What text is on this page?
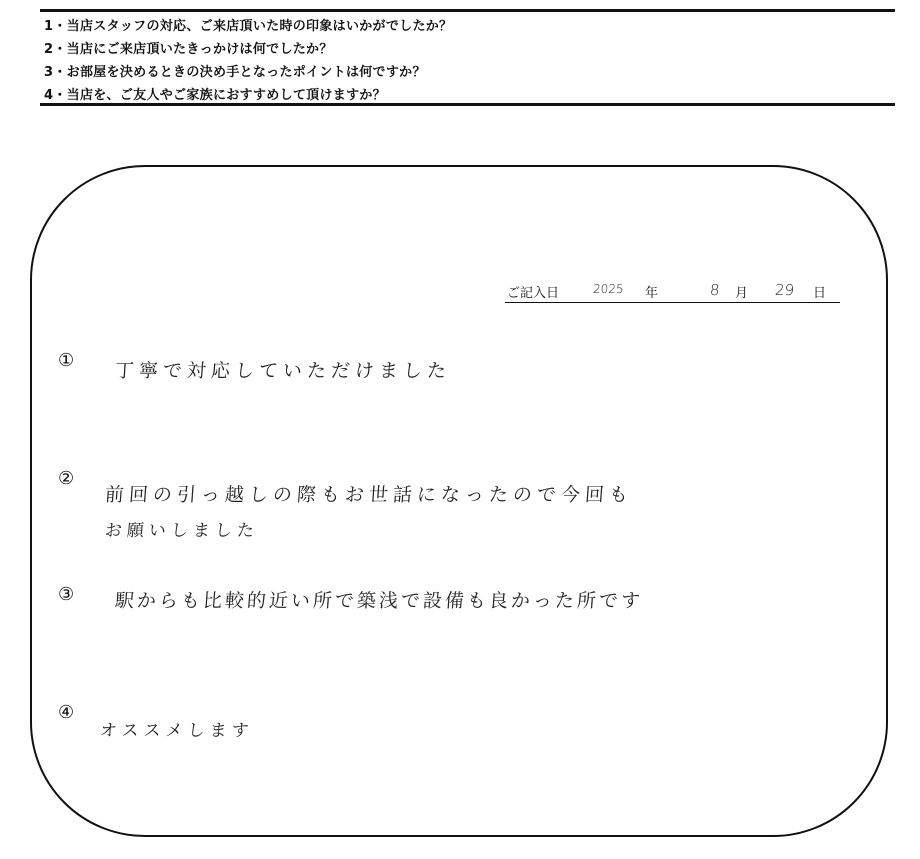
1・当店スタッフの対応、ご来店頂いた時の印象はいかがでしたか？
2・当店にご来店頂いたきっかけは何でしたか？
3・お部屋を決めるときの決め手となったポイントは何ですか？
4・当店を、ご友人やご家族におすすめして頂けますか？
ご記入日	2025 年	8 月 29 日
① 丁寧で対応していただけました
②
前回の引っ越しの際もお世話になったので今回も
お願いしました
③ 駅からも比較的近い所で築浅で設備も良かった所です
④
オススメします
